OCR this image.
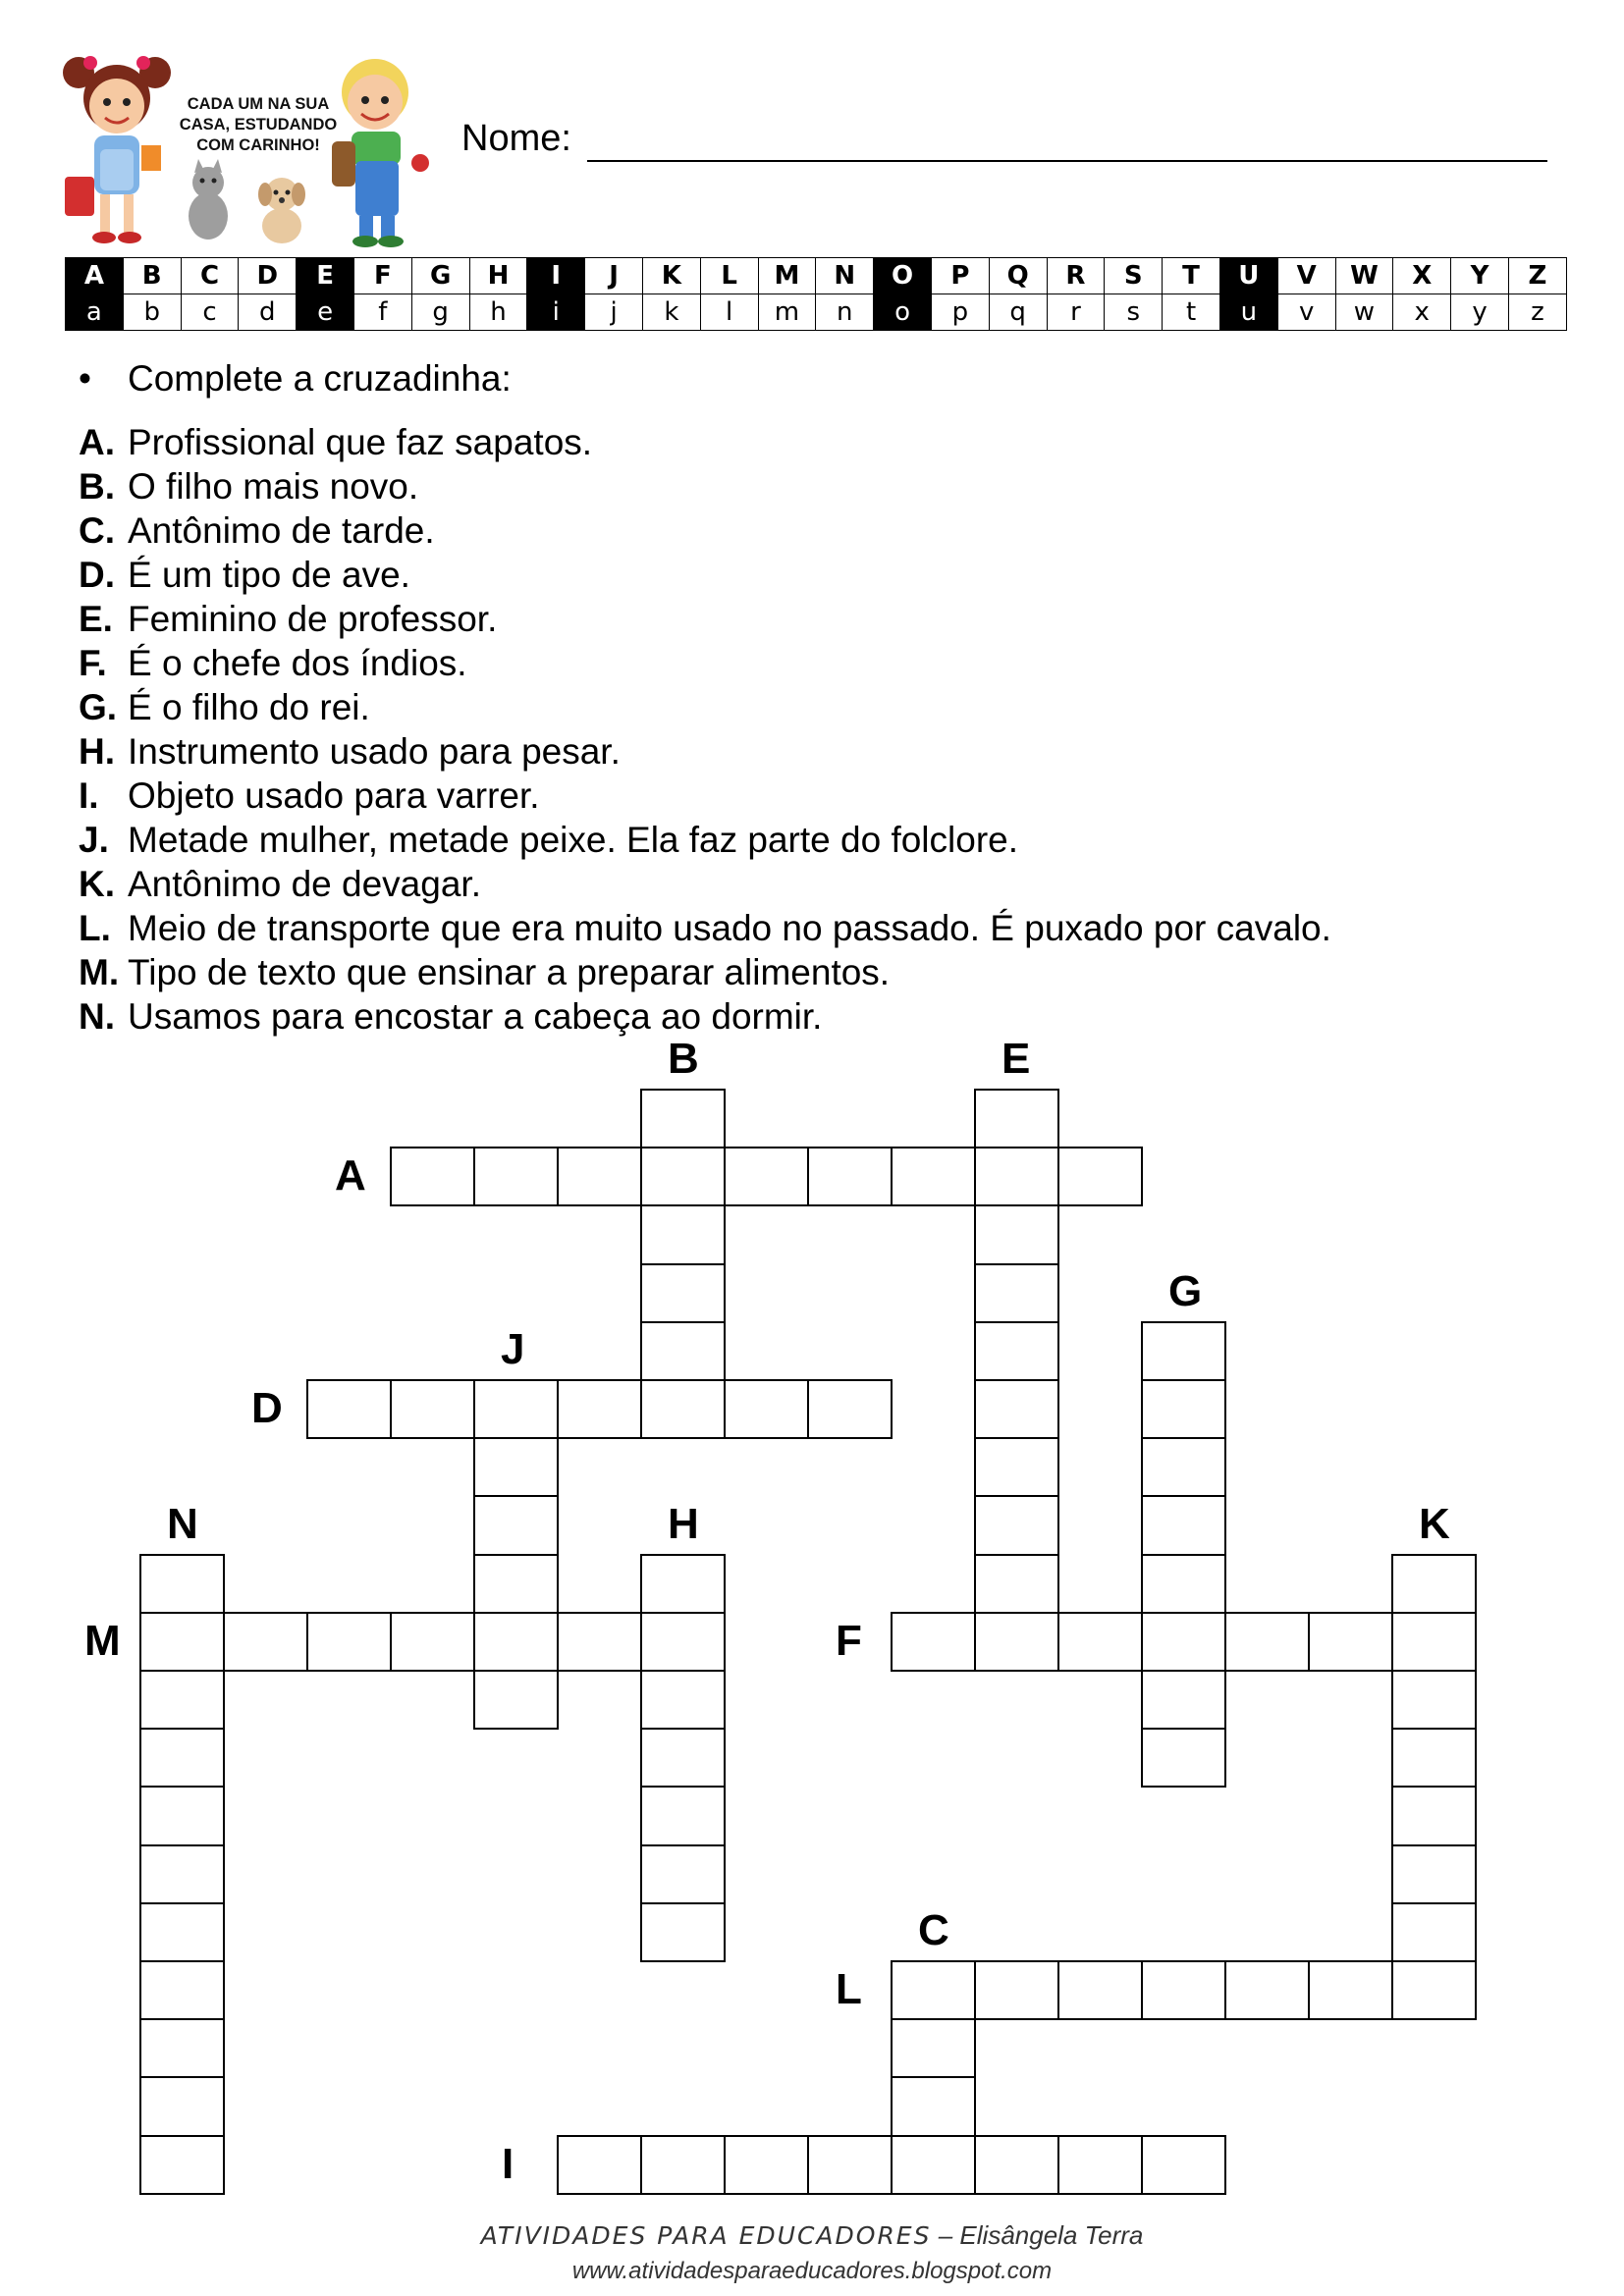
CADA UM NA SUA CASA, ESTUDANDO COM CARINHO!	Nome:
A	B	C	D	E	F	G	H	I	J	K	L	M	N	O	P	Q	R	S	T	U	V	W	X	Y	Z
a	b	c	d	e	f	g	h	i	j	k	l	m	n	o	p	q	r	s	t	u	v	w	x	y	z
• Complete a cruzadinha:
A. Profissional que faz sapatos.
B. O filho mais novo.
C. Antônimo de tarde.
D. É um tipo de ave.
E. Feminino de professor.
F. É o chefe dos índios.
G. É o filho do rei.
H. Instrumento usado para pesar.
I. Objeto usado para varrer.
J. Metade mulher, metade peixe. Ela faz parte do folclore.
K. Antônimo de devagar.
L. Meio de transporte que era muito usado no passado. É puxado por cavalo.
M. Tipo de texto que ensinar a preparar alimentos.
N. Usamos para encostar a cabeça ao dormir.
A
B	E
G
J
D
N	H	K
M	F
C
L
I
ATIVIDADES PARA EDUCADORES – Elisângela Terra
www.atividadesparaeducadores.blogspot.com
